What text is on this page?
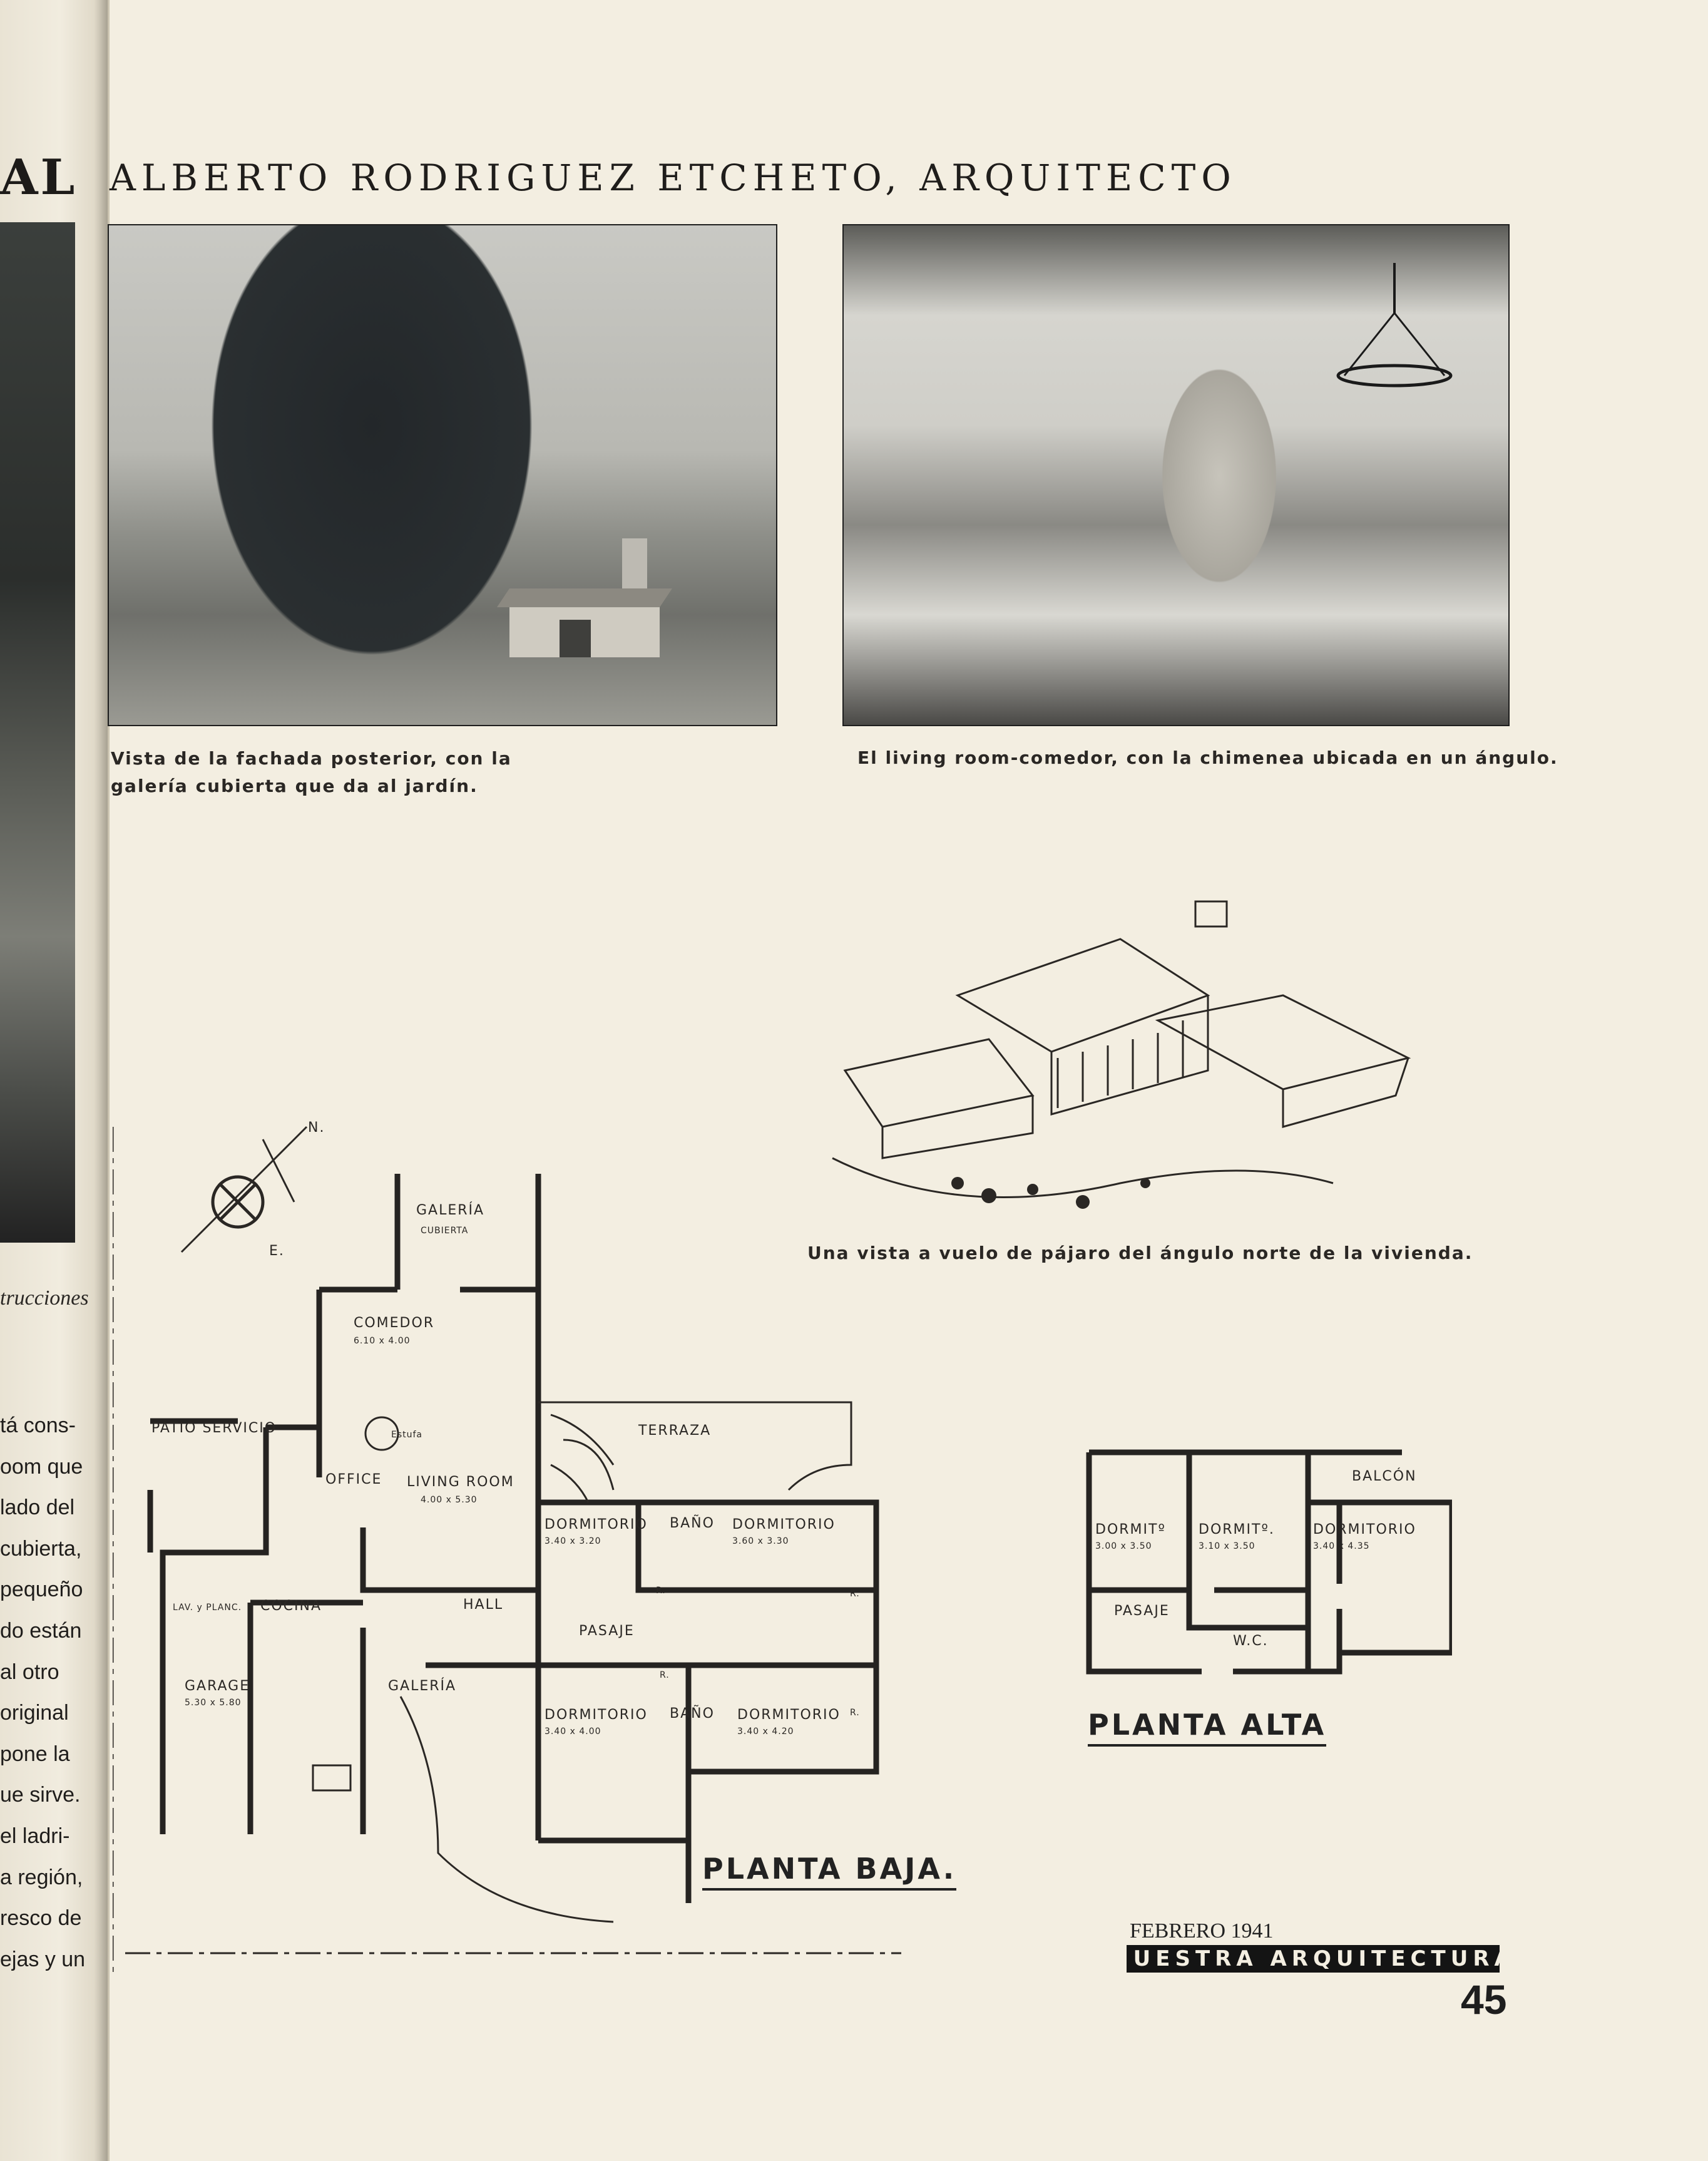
AL
trucciones
tá cons-
oom que
lado del
cubierta,
pequeño
do están
al otro
original
pone la
ue sirve.
el ladri-
a región,
resco de
ejas y un
ALBERTO RODRIGUEZ ETCHETO, ARQUITECTO
Vista de la fachada posterior, con la
galería cubierta que da al jardín.
El living room-comedor, con la chimenea ubicada en un ángulo.
Una vista a vuelo de pájaro del ángulo norte de la vivienda.
N.
E.
GALERÍA
CUBIERTA
COMEDOR
6.10 x 4.00
PATIO SERVICIO	Estufa
OFFICE LIVING ROOM
4.00 x 5.30
TERRAZA
DORMITORIO
3.40 x 3.20
BAÑO DORMITORIO
3.60 x 3.30
LAV. y PLANC. COCINA	HALL
R.	R.
PASAJE
R.
R.
GARAGE
5.30 x 5.80
GALERÍA
DORMITORIO
3.40 x 4.00
BAÑO DORMITORIO
3.40 x 4.20
PLANTA BAJA.
BALCÓN
DORMITº
3.00 x 3.50
DORMITº.
3.10 x 3.50
DORMITORIO
3.40 x 4.35
PASAJE
W.C.
PLANTA ALTA
FEBRERO 1941
NUESTRA ARQUITECTURA
45
